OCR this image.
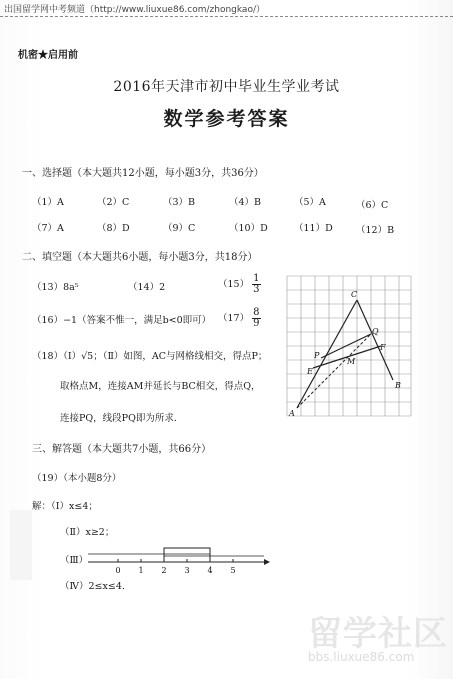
出国留学网中考频道（http://www.liuxue86.com/zhongkao/）
机密★启用前
2016年天津市初中毕业生学业考试
数学参考答案
一、选择题（本大题共12小题，每小题3分，共36分）
（1）A	（2）C	（3）B	（4）B	（5）A	（6）C
（7）A	（8）D	（9）C	（10）D	（11）D （12）B
二、填空题（本大题共6小题，每小题3分，共18分）
（13）8a⁵	（14）2	$(15) \frac{1}{3}$
（16）−1（答案不惟一，满足b<0即可） $(17) \frac{8}{9}$
（18）（Ⅰ）√5；（Ⅱ）如图，AC与网格线相交，得点P；
取格点M，连接AM并延长与BC相交，得点Q，
连接PQ，线段PQ即为所求.	A
B
C
P
Q
E
F
M
三、解答题（本大题共7小题，共66分）
（19）（本小题8分）
解：（Ⅰ）x≤4；
（Ⅱ）x≥2；
（Ⅲ）
0 1 2 3 4 5
（Ⅳ）2≤x≤4.
留学社区
bbs.liuxue86.com
